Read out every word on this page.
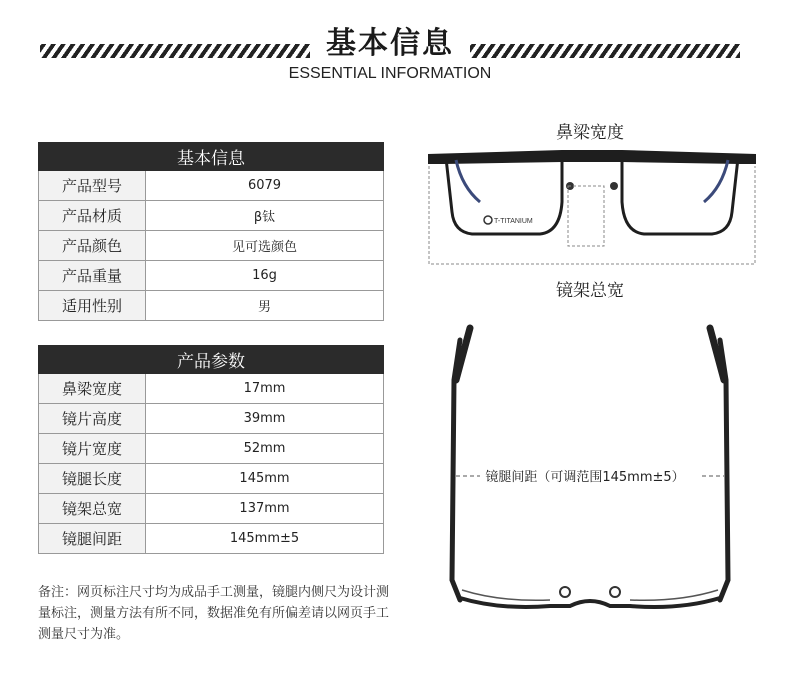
基本信息
ESSENTIAL INFORMATION
基本信息	
产品型号	6079
产品材质	β钛
产品颜色	见可选颜色
产品重量	16g
适用性别	男
产品参数	
鼻梁宽度	17mm
镜片高度	39mm
镜片宽度	52mm
镜腿长度	145mm
镜架总宽	137mm
镜腿间距	145mm±5
备注：网页标注尺寸均为成品手工测量，镜腿内侧尺为设计测量标注，测量方法有所不同，数据准免有所偏差请以网页手工测量尺寸为准。
鼻梁宽度
T-TITANIUM
镜架总宽
镜腿间距（可调范围145mm±5）
